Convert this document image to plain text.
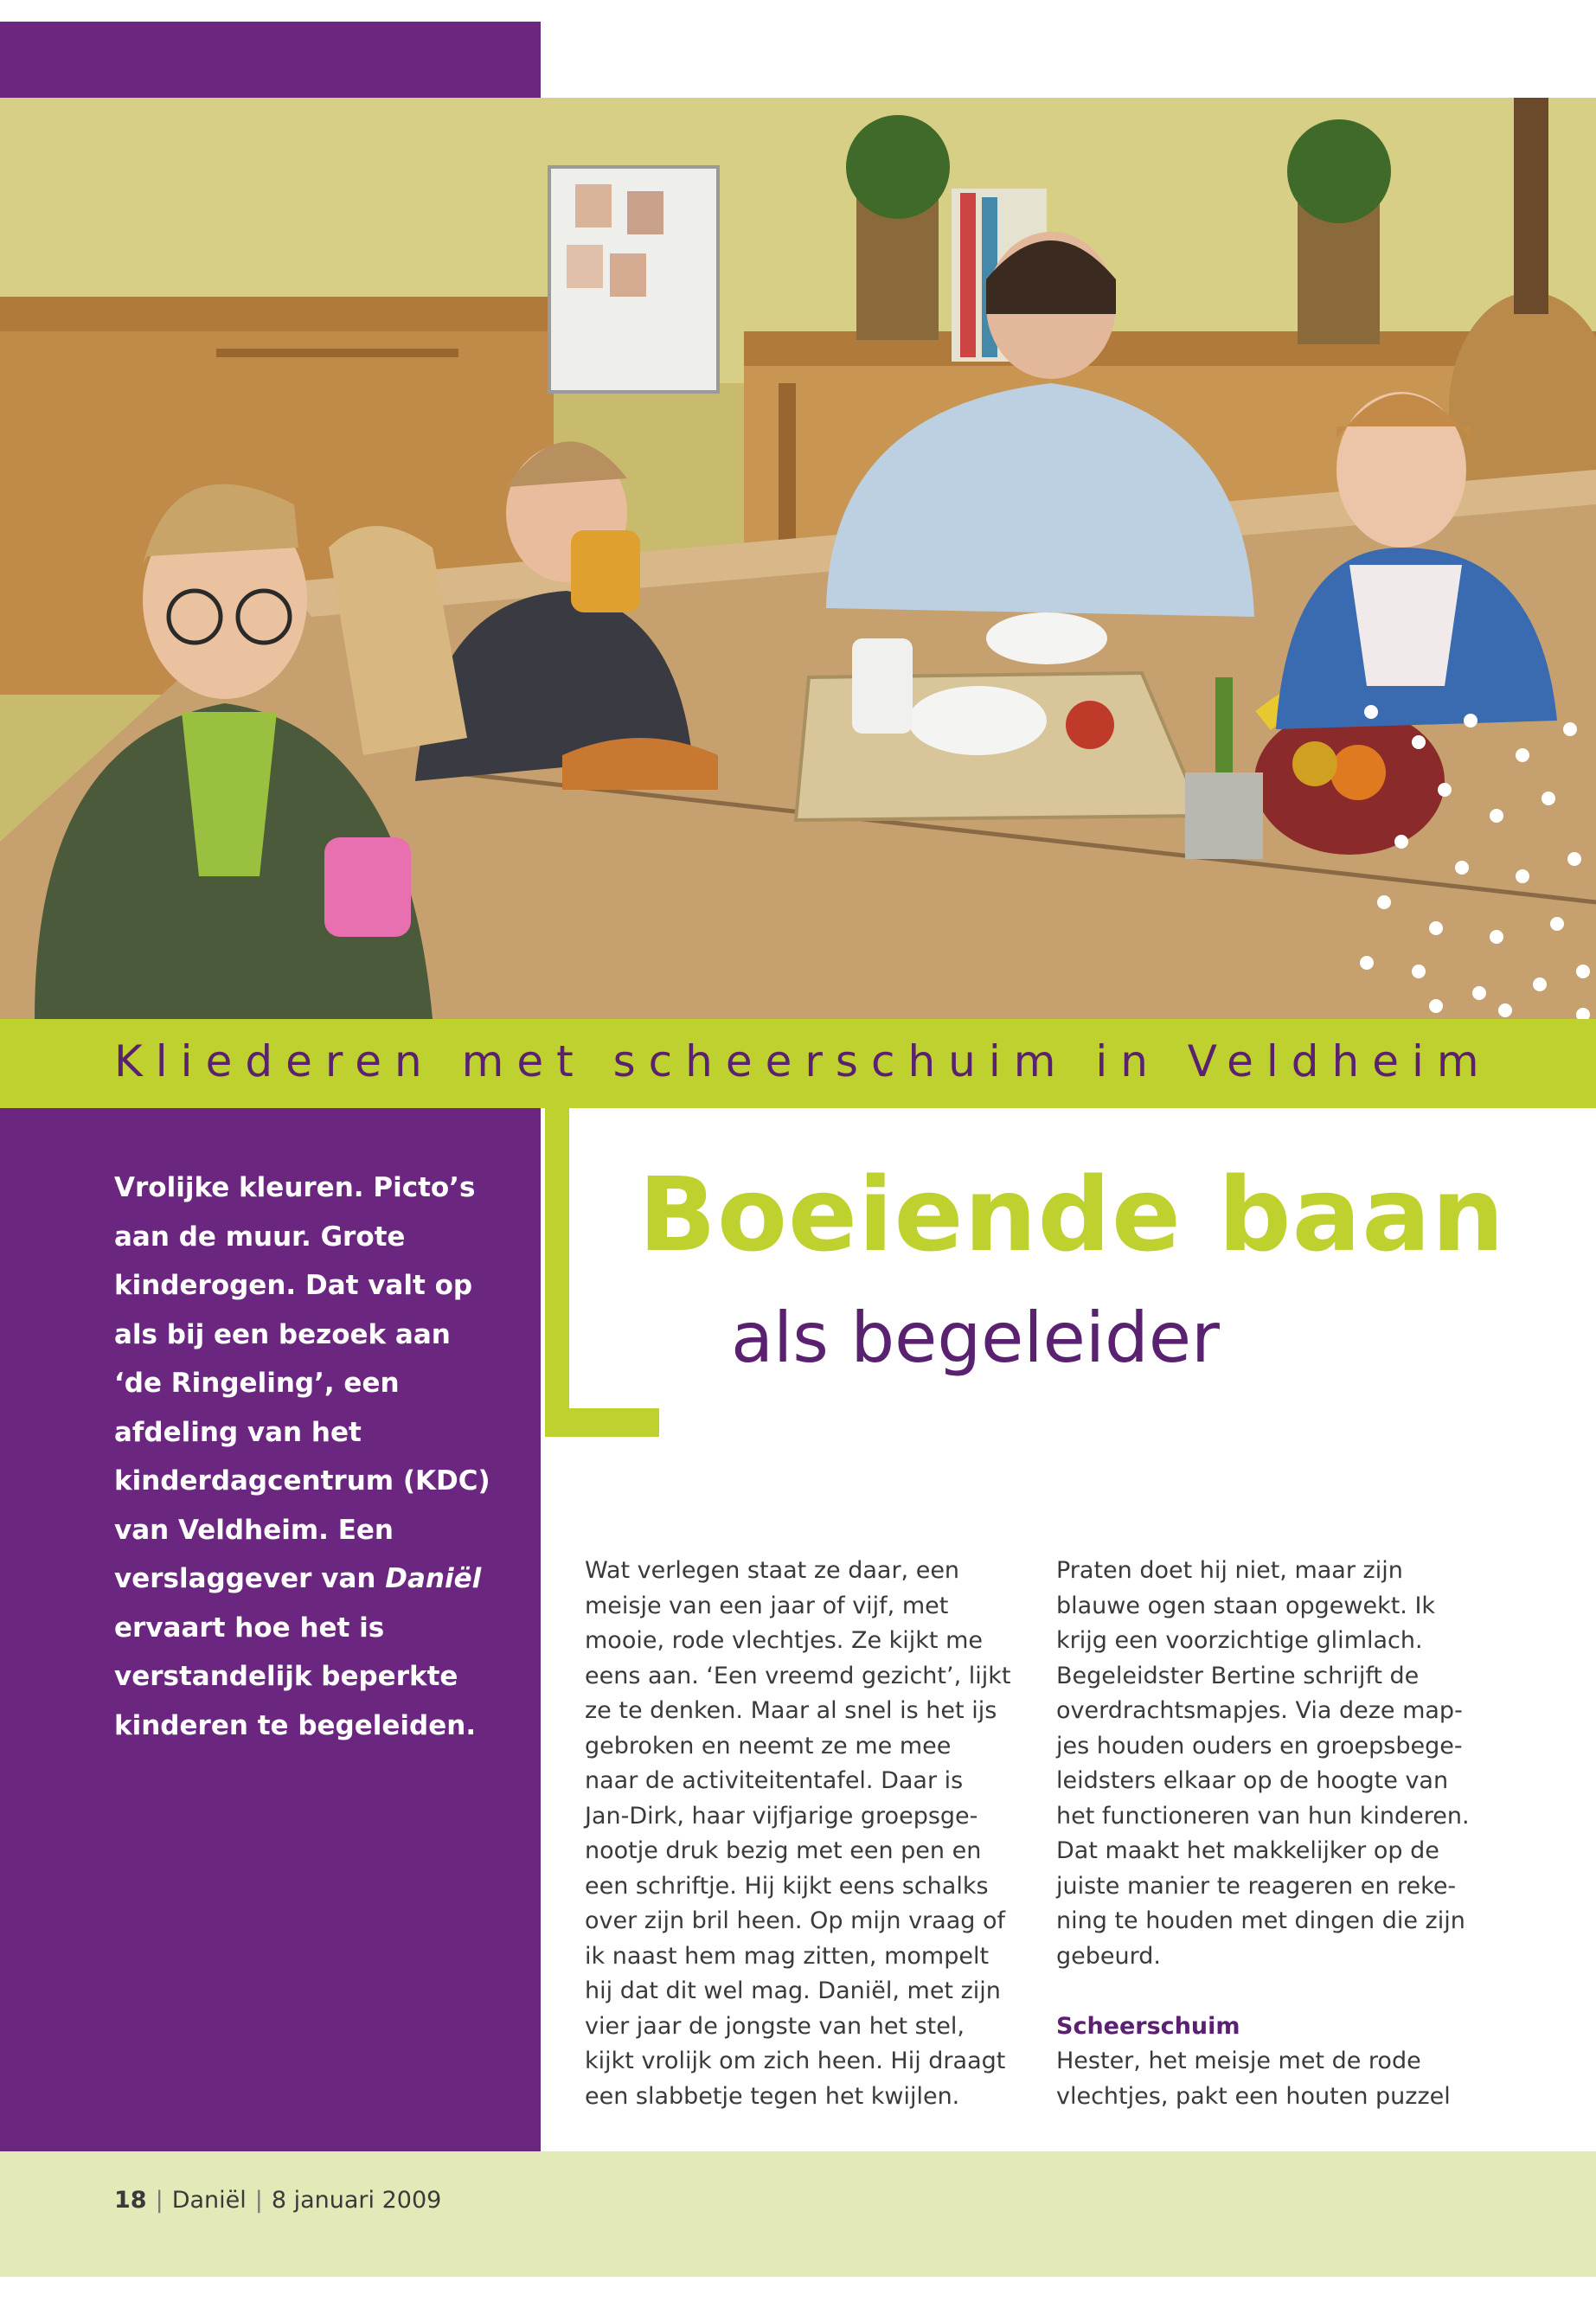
Kliederen met scheerschuim in Veldheim
Vrolijke kleuren. Picto’s aan de muur. Grote kinderogen. Dat valt op als bij een bezoek aan ‘de Ringeling’, een afdeling van het kinderdagcentrum (KDC) van Veldheim. Een verslaggever van Daniël ervaart hoe het is verstandelijk beperkte kinderen te begeleiden.
Boeiende baan
als begeleider
Wat verlegen staat ze daar, een
meisje van een jaar of vijf, met
mooie, rode vlechtjes. Ze kijkt me
eens aan. ‘Een vreemd gezicht’, lijkt
ze te denken. Maar al snel is het ijs
gebroken en neemt ze me mee
naar de activiteitentafel. Daar is
Jan-Dirk, haar vijfjarige groepsge-
nootje druk bezig met een pen en
een schriftje. Hij kijkt eens schalks
over zijn bril heen. Op mijn vraag of
ik naast hem mag zitten, mompelt
hij dat dit wel mag. Daniël, met zijn
vier jaar de jongste van het stel,
kijkt vrolijk om zich heen. Hij draagt
een slabbetje tegen het kwijlen.
Praten doet hij niet, maar zijn
blauwe ogen staan opgewekt. Ik
krijg een voorzichtige glimlach.
Begeleidster Bertine schrijft de
overdrachtsmapjes. Via deze map-
jes houden ouders en groepsbege-
leidsters elkaar op de hoogte van
het functioneren van hun kinderen.
Dat maakt het makkelijker op de
juiste manier te reageren en reke-
ning te houden met dingen die zijn
gebeurd.

Scheerschuim
Hester, het meisje met de rode
vlechtjes, pakt een houten puzzel
18 | Daniël | 8 januari 2009
